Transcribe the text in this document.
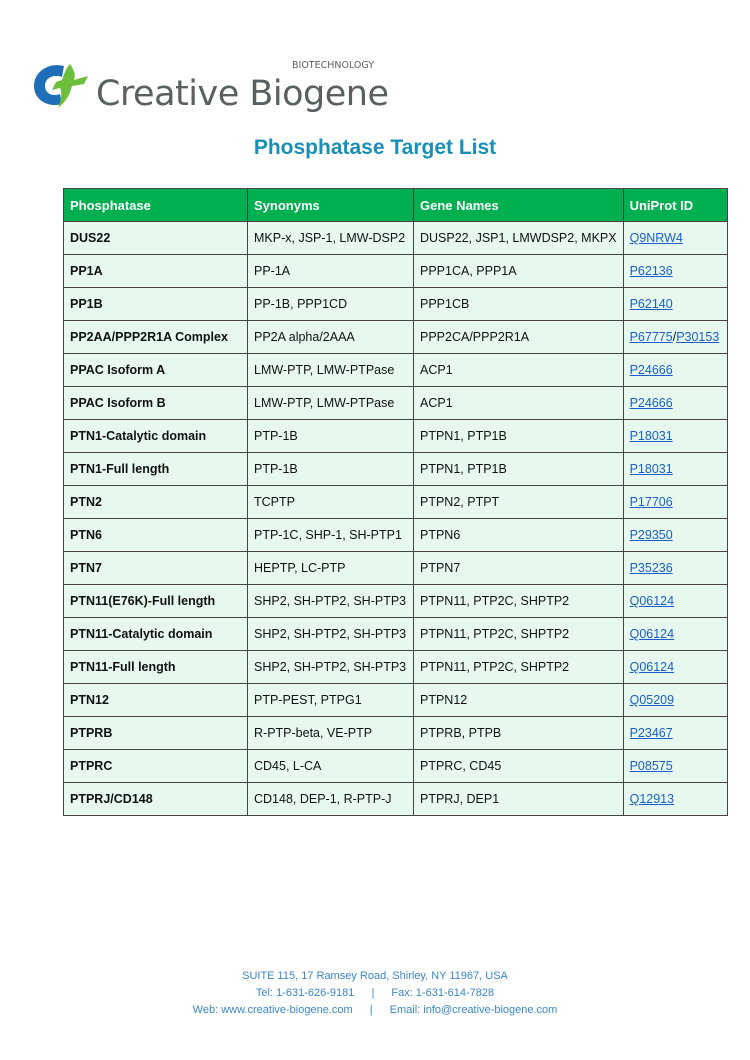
BIOTECHNOLOGY
Creative Biogene
Phosphatase Target List
Phosphatase	Synonyms	Gene Names	UniProt ID
DUS22	MKP-x, JSP-1, LMW-DSP2	DUSP22, JSP1, LMWDSP2, MKPX	Q9NRW4
PP1A	PP-1A	PPP1CA, PPP1A	P62136
PP1B	PP-1B, PPP1CD	PPP1CB	P62140
PP2AA/PPP2R1A Complex	PP2A alpha/2AAA	PPP2CA/PPP2R1A	P67775/P30153
PPAC Isoform A	LMW-PTP, LMW-PTPase	ACP1	P24666
PPAC Isoform B	LMW-PTP, LMW-PTPase	ACP1	P24666
PTN1-Catalytic domain	PTP-1B	PTPN1, PTP1B	P18031
PTN1-Full length	PTP-1B	PTPN1, PTP1B	P18031
PTN2	TCPTP	PTPN2, PTPT	P17706
PTN6	PTP-1C, SHP-1, SH-PTP1	PTPN6	P29350
PTN7	HEPTP, LC-PTP	PTPN7	P35236
PTN11(E76K)-Full length	SHP2, SH-PTP2, SH-PTP3	PTPN11, PTP2C, SHPTP2	Q06124
PTN11-Catalytic domain	SHP2, SH-PTP2, SH-PTP3	PTPN11, PTP2C, SHPTP2	Q06124
PTN11-Full length	SHP2, SH-PTP2, SH-PTP3	PTPN11, PTP2C, SHPTP2	Q06124
PTN12	PTP-PEST, PTPG1	PTPN12	Q05209
PTPRB	R-PTP-beta, VE-PTP	PTPRB, PTPB	P23467
PTPRC	CD45, L-CA	PTPRC, CD45	P08575
PTPRJ/CD148	CD148, DEP-1, R-PTP-J	PTPRJ, DEP1	Q12913
SUITE 115, 17 Ramsey Road, Shirley, NY 11967, USA
Tel: 1-631-626-9181 | Fax: 1-631-614-7828
Web: www.creative-biogene.com | Email: info@creative-biogene.com
